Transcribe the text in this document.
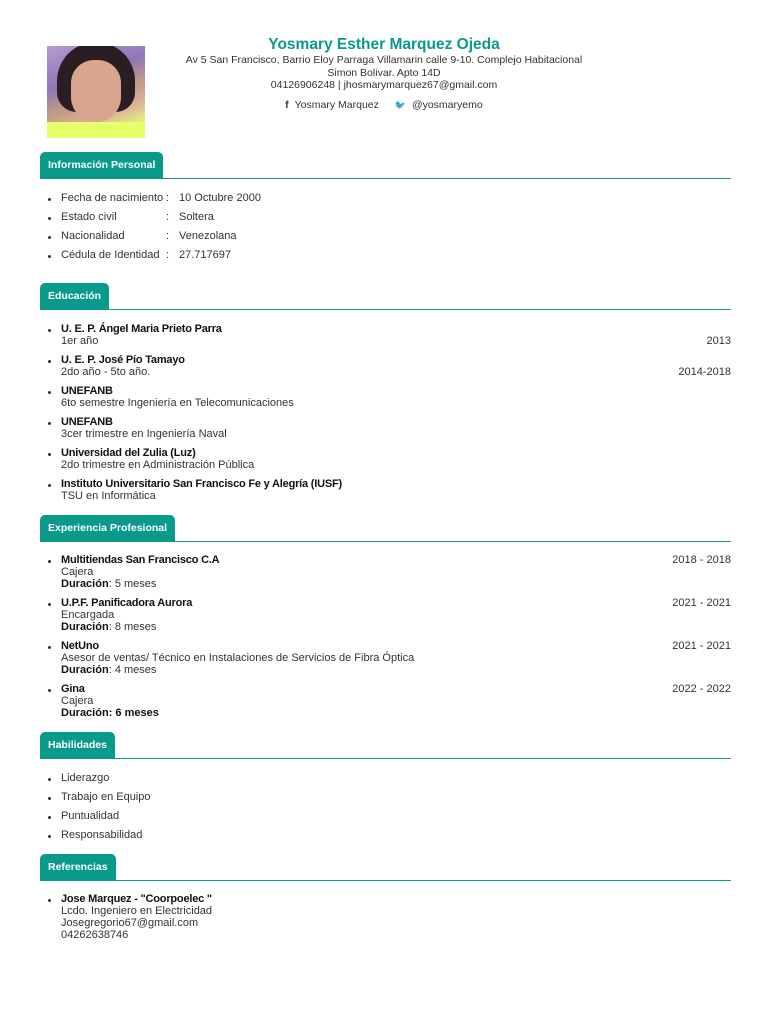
Yosmary Esther Marquez Ojeda
Av 5 San Francisco, Barrio Eloy Parraga Villamarin calle 9-10. Complejo Habitacional
Simon Bolivar. Apto 14D
04126906248 | jhosmarymarquez67@gmail.com
f Yosmary Marquez 🐦 @yosmaryemo
Información Personal
Fecha de nacimiento : 10 Octubre 2000
Estado civil	: Soltera
Nacionalidad	: Venezolana
Cédula de Identidad : 27.717697
Educación
U. E. P. Ángel Maria Prieto Parra
1er año	2013
U. E. P. José Pío Tamayo
2do año - 5to año.	2014-2018
UNEFANB
6to semestre Ingeniería en Telecomunicaciones
UNEFANB
3cer trimestre en Ingeniería Naval
Universidad del Zulia (Luz)
2do trimestre en Administración Pública
Instituto Universitario San Francisco Fe y Alegría (IUSF)
TSU en Informática
Experiencia Profesional
Multitiendas San Francisco C.A	2018 - 2018
Cajera
Duración: 5 meses
U.P.F. Panificadora Aurora	2021 - 2021
Encargada
Duración: 8 meses
NetUno	2021 - 2021
Asesor de ventas/ Técnico en Instalaciones de Servicios de Fibra Óptica
Duración: 4 meses
Gina	2022 - 2022
Cajera
Duración: 6 meses
Habilidades
Liderazgo
Trabajo en Equipo
Puntualidad
Responsabilidad
Referencias
Jose Marquez - "Coorpoelec "
Lcdo. Ingeniero en Electricidad
Josegregorio67@gmail.com
04262638746
